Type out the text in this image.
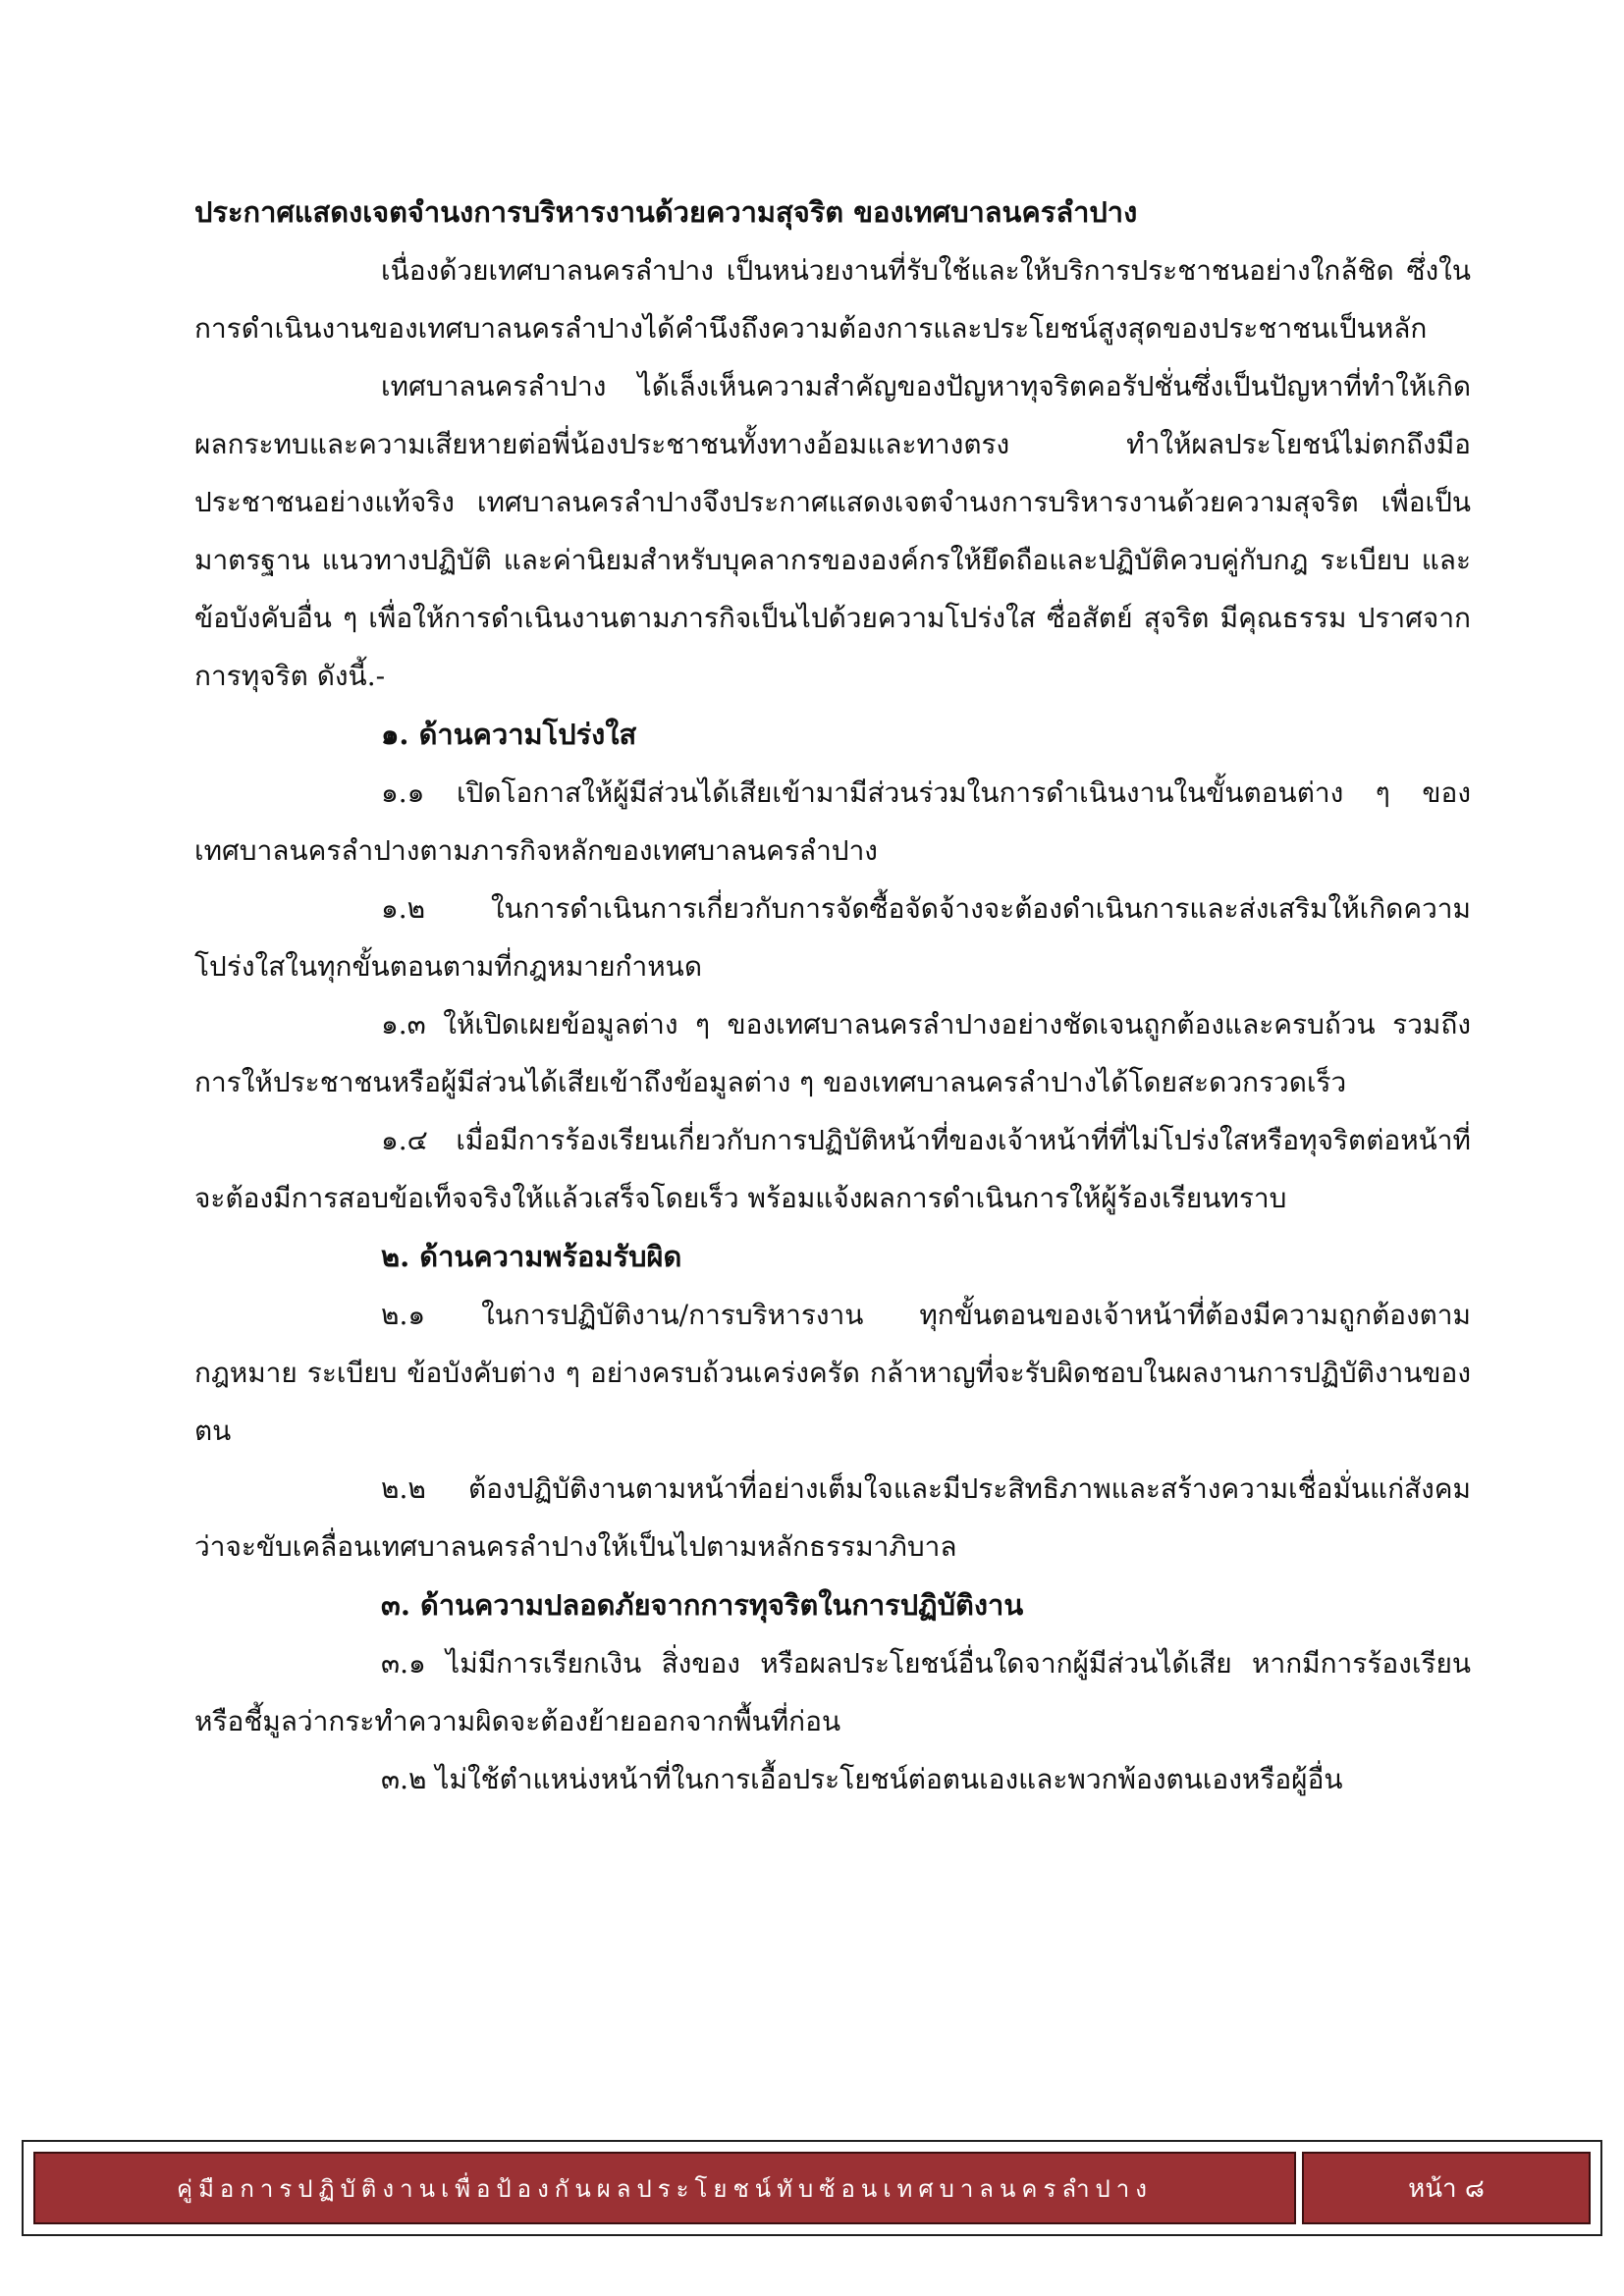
ประกาศแสดงเจตจำนงการบริหารงานด้วยความสุจริต ของเทศบาลนครลำปาง

เนื่องด้วยเทศบาลนครลำปาง เป็นหน่วยงานที่รับใช้และให้บริการประชาชนอย่างใกล้ชิด ซึ่งในการดำเนินงานของเทศบาลนครลำปางได้คำนึงถึงความต้องการและประโยชน์สูงสุดของประชาชนเป็นหลัก

เทศบาลนครลำปาง ได้เล็งเห็นความสำคัญของปัญหาทุจริตคอรัปชั่นซึ่งเป็นปัญหาที่ทำให้เกิดผลกระทบและความเสียหายต่อพี่น้องประชาชนทั้งทางอ้อมและทางตรง ทำให้ผลประโยชน์ไม่ตกถึงมือประชาชนอย่างแท้จริง เทศบาลนครลำปางจึงประกาศแสดงเจตจำนงการบริหารงานด้วยความสุจริต เพื่อเป็นมาตรฐาน แนวทางปฏิบัติ และค่านิยมสำหรับบุคลากรขององค์กรให้ยึดถือและปฏิบัติควบคู่กับกฎ ระเบียบ และข้อบังคับอื่น ๆ เพื่อให้การดำเนินงานตามภารกิจเป็นไปด้วยความโปร่งใส ซื่อสัตย์ สุจริต มีคุณธรรม ปราศจากการทุจริต ดังนี้.-

๑. ด้านความโปร่งใส

๑.๑ เปิดโอกาสให้ผู้มีส่วนได้เสียเข้ามามีส่วนร่วมในการดำเนินงานในขั้นตอนต่าง ๆ ของเทศบาลนครลำปางตามภารกิจหลักของเทศบาลนครลำปาง

๑.๒ ในการดำเนินการเกี่ยวกับการจัดซื้อจัดจ้างจะต้องดำเนินการและส่งเสริมให้เกิดความโปร่งใสในทุกขั้นตอนตามที่กฎหมายกำหนด

๑.๓ ให้เปิดเผยข้อมูลต่าง ๆ ของเทศบาลนครลำปางอย่างชัดเจนถูกต้องและครบถ้วน รวมถึง การให้ประชาชนหรือผู้มีส่วนได้เสียเข้าถึงข้อมูลต่าง ๆ ของเทศบาลนครลำปางได้โดยสะดวกรวดเร็ว

๑.๔ เมื่อมีการร้องเรียนเกี่ยวกับการปฏิบัติหน้าที่ของเจ้าหน้าที่ที่ไม่โปร่งใสหรือทุจริตต่อหน้าที่จะต้องมีการสอบข้อเท็จจริงให้แล้วเสร็จโดยเร็ว พร้อมแจ้งผลการดำเนินการให้ผู้ร้องเรียนทราบ

๒. ด้านความพร้อมรับผิด

๒.๑ ในการปฏิบัติงาน/การบริหารงาน ทุกขั้นตอนของเจ้าหน้าที่ต้องมีความถูกต้องตามกฎหมาย ระเบียบ ข้อบังคับต่าง ๆ อย่างครบถ้วนเคร่งครัด กล้าหาญที่จะรับผิดชอบในผลงานการปฏิบัติงานของตน

๒.๒ ต้องปฏิบัติงานตามหน้าที่อย่างเต็มใจและมีประสิทธิภาพและสร้างความเชื่อมั่นแก่สังคม ว่าจะขับเคลื่อนเทศบาลนครลำปางให้เป็นไปตามหลักธรรมาภิบาล

๓. ด้านความปลอดภัยจากการทุจริตในการปฏิบัติงาน

๓.๑ ไม่มีการเรียกเงิน สิ่งของ หรือผลประโยชน์อื่นใดจากผู้มีส่วนได้เสีย หากมีการร้องเรียนหรือชี้มูลว่ากระทำความผิดจะต้องย้ายออกจากพื้นที่ก่อน

๓.๒ ไม่ใช้ตำแหน่งหน้าที่ในการเอื้อประโยชน์ต่อตนเองและพวกพ้องตนเองหรือผู้อื่น

คู่มือการปฏิบัติงานเพื่อป้องกันผลประโยชน์ทับซ้อนเทศบาลนครลำปาง	หน้า ๘
